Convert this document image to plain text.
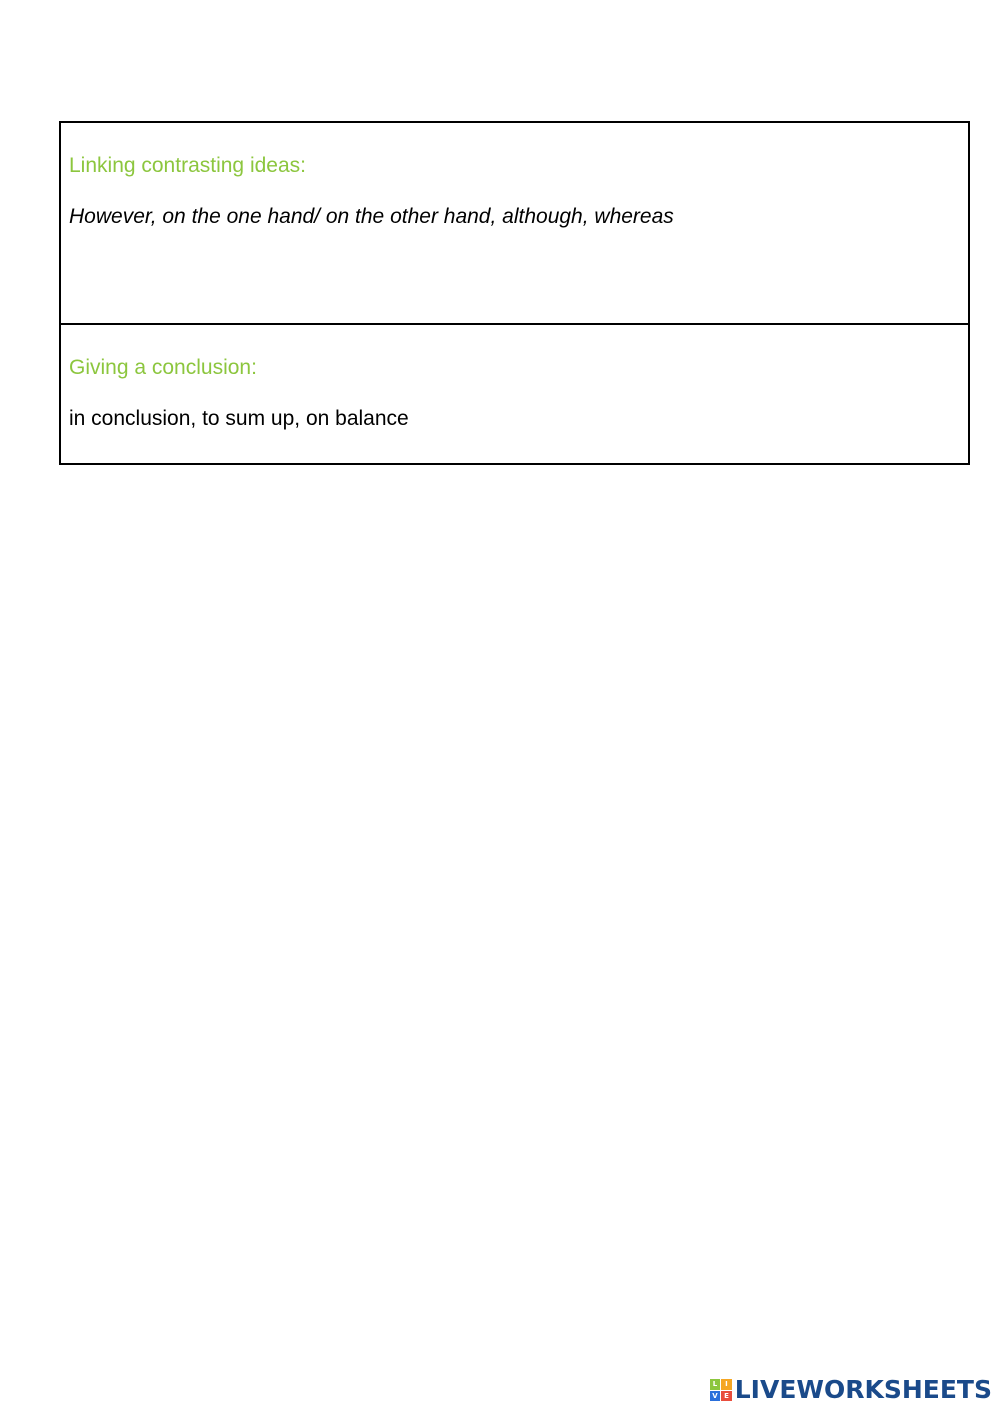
Linking contrasting ideas:

However, on the one hand/ on the other hand, although, whereas

Giving a conclusion:

in conclusion, to sum up, on balance

L	I
V E LIVEWORKSHEETS
